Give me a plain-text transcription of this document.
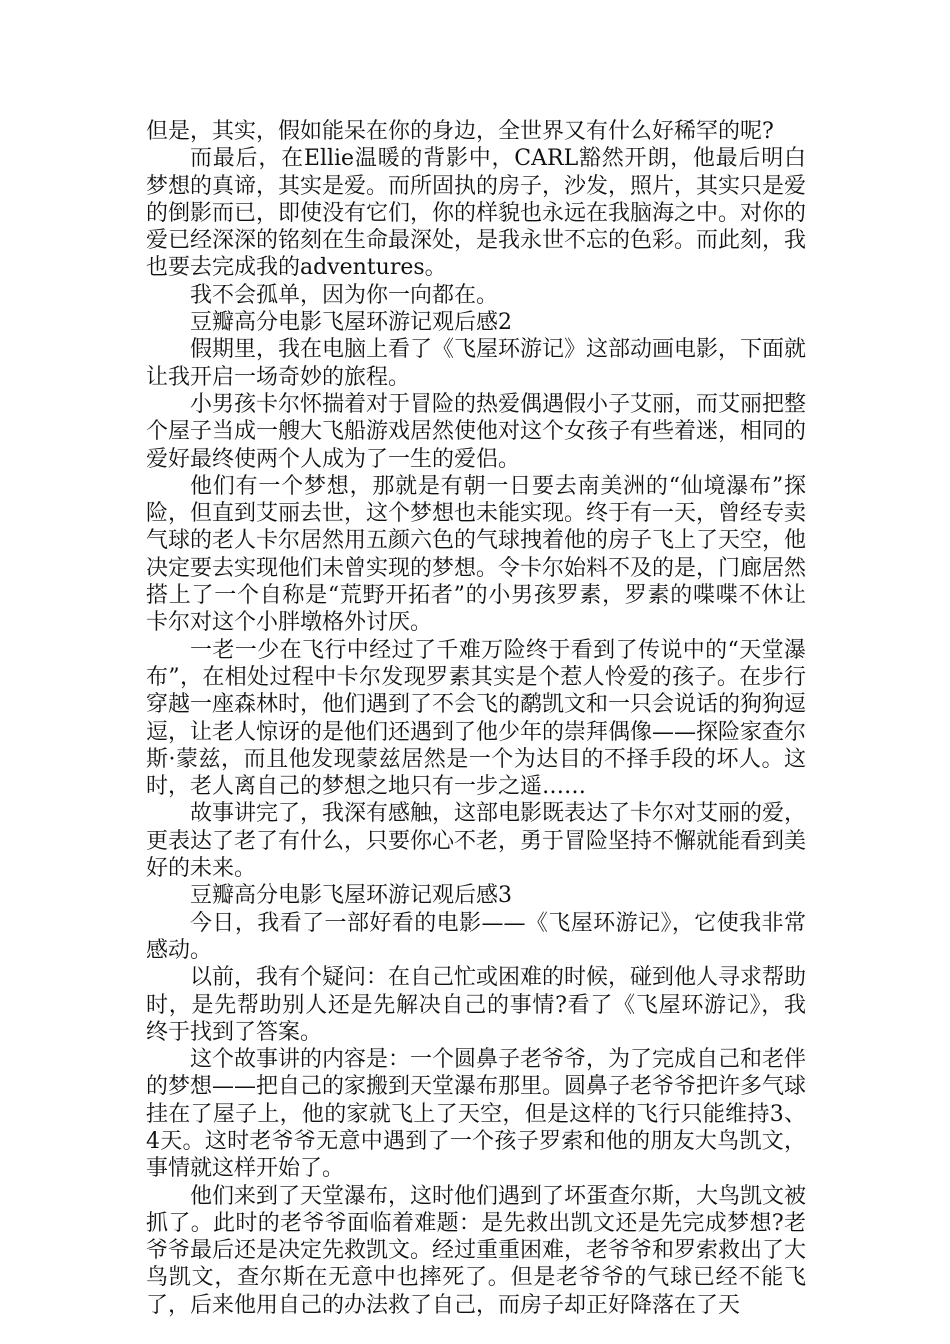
但是，其实，假如能呆在你的身边，全世界又有什么好稀罕的呢?

而最后，在Ellie温暖的背影中，CARL豁然开朗，他最后明白梦想的真谛，其实是爱。而所固执的房子，沙发，照片，其实只是爱的倒影而已，即使没有它们，你的样貌也永远在我脑海之中。对你的爱已经深深的铭刻在生命最深处，是我永世不忘的色彩。而此刻，我也要去完成我的adventures。

我不会孤单，因为你一向都在。

豆瓣高分电影飞屋环游记观后感2

假期里，我在电脑上看了《飞屋环游记》这部动画电影，下面就让我开启一场奇妙的旅程。

小男孩卡尔怀揣着对于冒险的热爱偶遇假小子艾丽，而艾丽把整个屋子当成一艘大飞船游戏居然使他对这个女孩子有些着迷，相同的爱好最终使两个人成为了一生的爱侣。

他们有一个梦想，那就是有朝一日要去南美洲的“仙境瀑布”探险，但直到艾丽去世，这个梦想也未能实现。终于有一天，曾经专卖气球的老人卡尔居然用五颜六色的气球拽着他的房子飞上了天空，他决定要去实现他们未曾实现的梦想。令卡尔始料不及的是，门廊居然搭上了一个自称是“荒野开拓者”的小男孩罗素，罗素的喋喋不休让卡尔对这个小胖墩格外讨厌。

一老一少在飞行中经过了千难万险终于看到了传说中的“天堂瀑布”，在相处过程中卡尔发现罗素其实是个惹人怜爱的孩子。在步行穿越一座森林时，他们遇到了不会飞的鹬凯文和一只会说话的狗狗逗逗，让老人惊讶的是他们还遇到了他少年的崇拜偶像——探险家查尔斯·蒙兹，而且他发现蒙兹居然是一个为达目的不择手段的坏人。这时，老人离自己的梦想之地只有一步之遥……

故事讲完了，我深有感触，这部电影既表达了卡尔对艾丽的爱，更表达了老了有什么，只要你心不老，勇于冒险坚持不懈就能看到美好的未来。

豆瓣高分电影飞屋环游记观后感3

今日，我看了一部好看的电影——《飞屋环游记》，它使我非常感动。

以前，我有个疑问：在自己忙或困难的时候，碰到他人寻求帮助时，是先帮助别人还是先解决自己的事情?看了《飞屋环游记》，我终于找到了答案。

这个故事讲的内容是：一个圆鼻子老爷爷，为了完成自己和老伴的梦想——把自己的家搬到天堂瀑布那里。圆鼻子老爷爷把许多气球挂在了屋子上，他的家就飞上了天空，但是这样的飞行只能维持3、4天。这时老爷爷无意中遇到了一个孩子罗索和他的朋友大鸟凯文，事情就这样开始了。

他们来到了天堂瀑布，这时他们遇到了坏蛋查尔斯，大鸟凯文被抓了。此时的老爷爷面临着难题：是先救出凯文还是先完成梦想?老爷爷最后还是决定先救凯文。经过重重困难，老爷爷和罗索救出了大鸟凯文，查尔斯在无意中也摔死了。但是老爷爷的气球已经不能飞了，后来他用自己的办法救了自己，而房子却正好降落在了天
